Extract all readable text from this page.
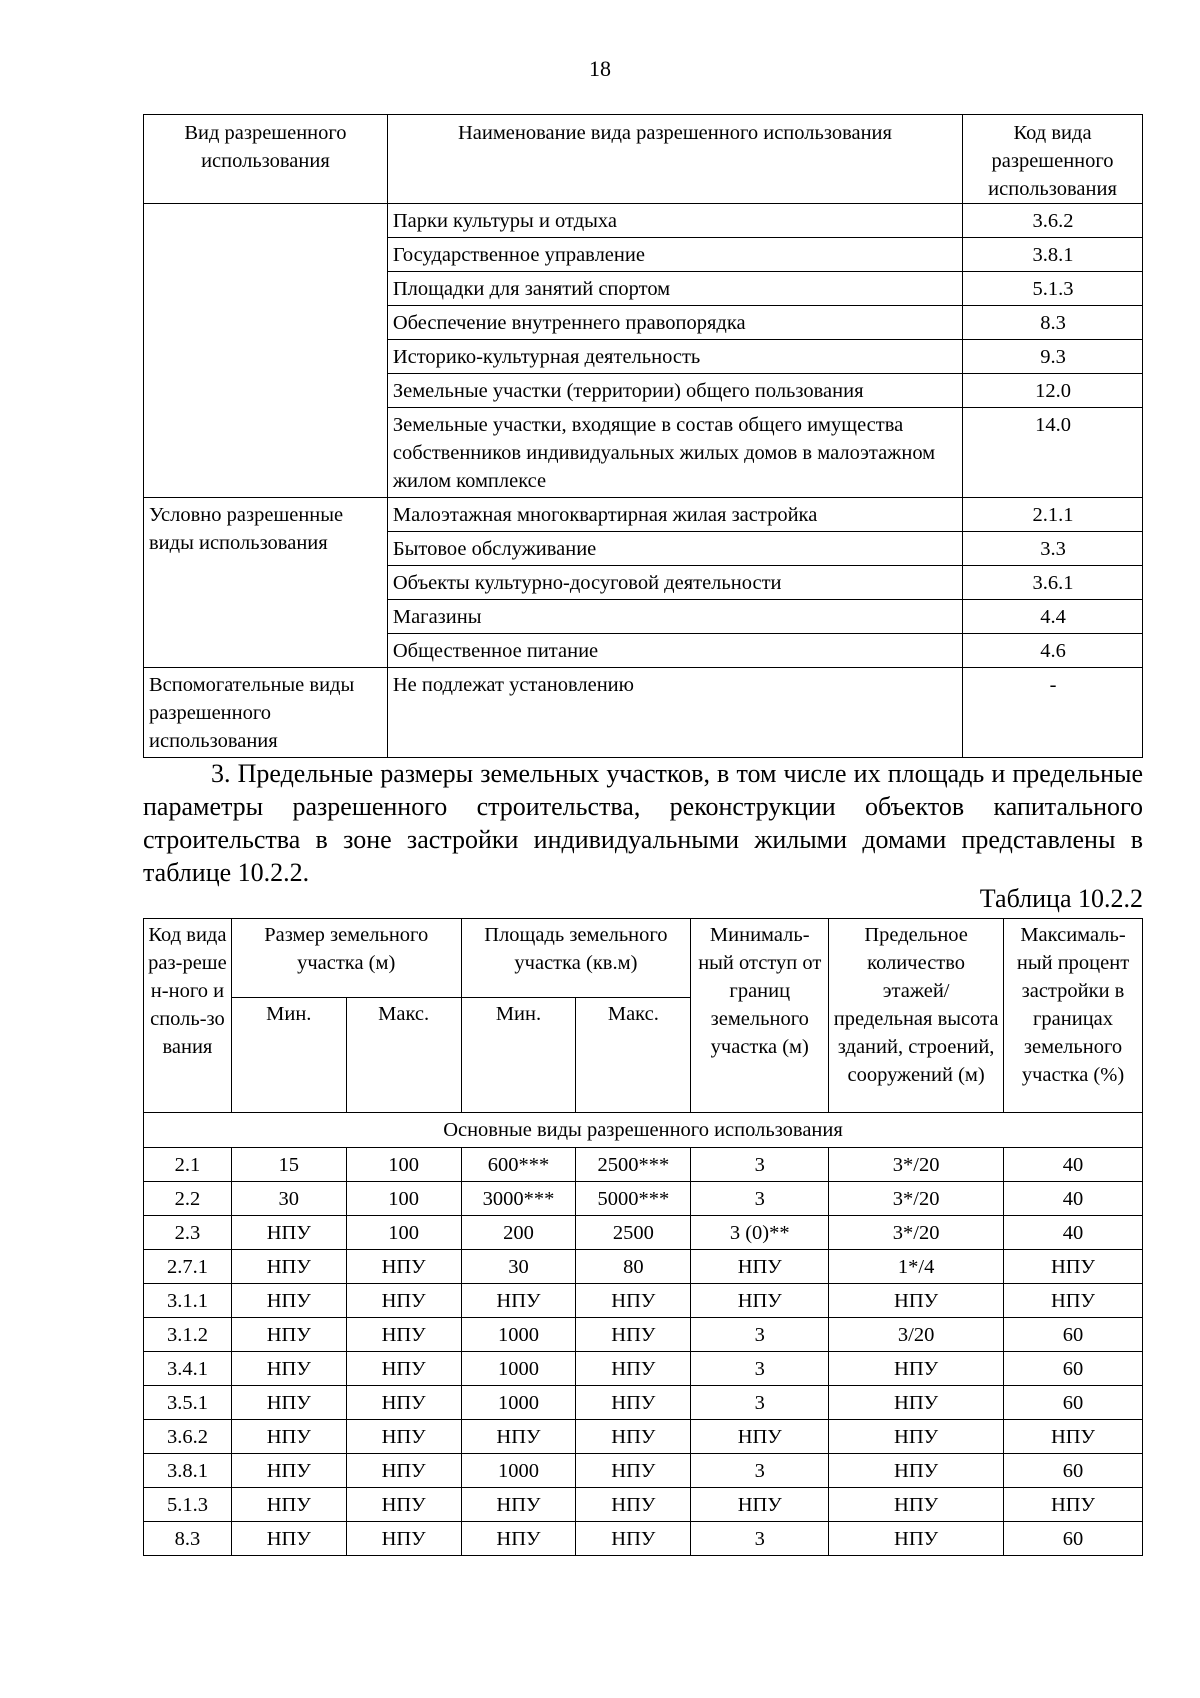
18
Вид разрешенного использования	Наименование вида разрешенного использования	Код вида разрешенного использования
	Парки культуры и отдыха	3.6.2
	Государственное управление	3.8.1
	Площадки для занятий спортом	5.1.3
	Обеспечение внутреннего правопорядка	8.3
	Историко-культурная деятельность	9.3
	Земельные участки (территории) общего пользования	12.0
	Земельные участки, входящие в состав общего имущества собственников индивидуальных жилых домов в малоэтажном жилом комплексе	14.0
Условно разрешенные виды использования	Малоэтажная многоквартирная жилая застройка	2.1.1
	Бытовое обслуживание	3.3
	Объекты культурно-досуговой деятельности	3.6.1
	Магазины	4.4
	Общественное питание	4.6
Вспомогательные виды разрешенного использования	Не подлежат установлению	-
3. Предельные размеры земельных участков, в том числе их площадь и предельные параметры разрешенного строительства, реконструкции объектов капитального строительства в зоне застройки индивидуальными жилыми домами представлены в таблице 10.2.2.
Таблица 10.2.2
Код вида раз-решен-ного исполь-зования	Размер земельного участка (м)		Площадь земельного участка (кв.м)		Минималь-ный отступ от границ земельного участка (м)	Предельное количество этажей/ предельная высота зданий, строений, сооружений (м)	Максималь-ный процент застройки в границах земельного участка (%)
	Мин.	Макс.	Мин.	Макс.			
Основные виды разрешенного использования							
2.1	15	100	600***	2500***	3	3*/20	40
2.2	30	100	3000***	5000***	3	3*/20	40
2.3	НПУ	100	200	2500	3 (0)**	3*/20	40
2.7.1	НПУ	НПУ	30	80	НПУ	1*/4	НПУ
3.1.1	НПУ	НПУ	НПУ	НПУ	НПУ	НПУ	НПУ
3.1.2	НПУ	НПУ	1000	НПУ	3	3/20	60
3.4.1	НПУ	НПУ	1000	НПУ	3	НПУ	60
3.5.1	НПУ	НПУ	1000	НПУ	3	НПУ	60
3.6.2	НПУ	НПУ	НПУ	НПУ	НПУ	НПУ	НПУ
3.8.1	НПУ	НПУ	1000	НПУ	3	НПУ	60
5.1.3	НПУ	НПУ	НПУ	НПУ	НПУ	НПУ	НПУ
8.3	НПУ	НПУ	НПУ	НПУ	3	НПУ	60
